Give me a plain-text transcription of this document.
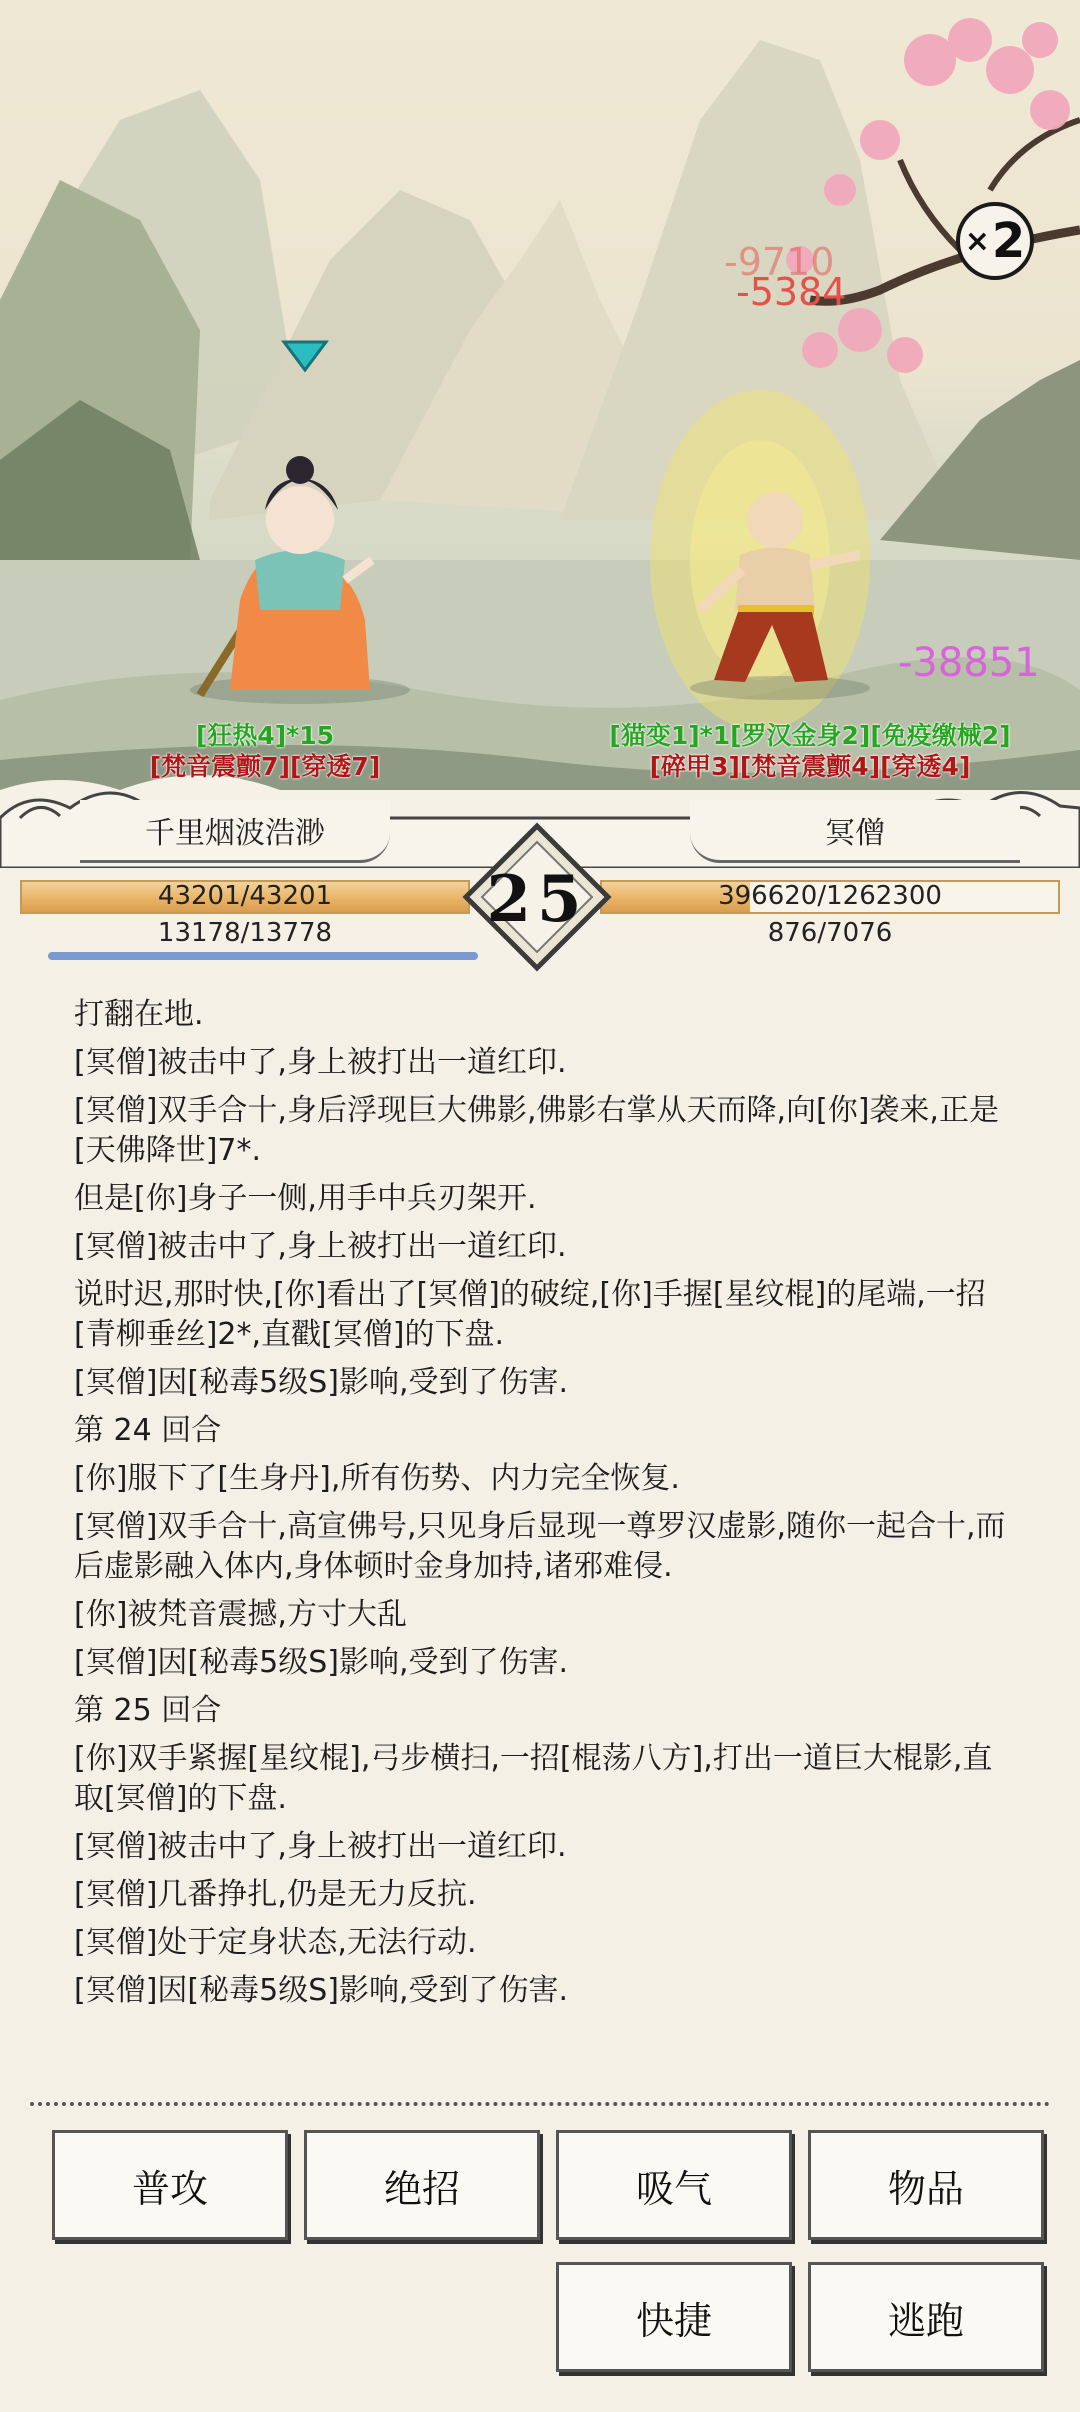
-9710
-5384
-38851
× 2
[狂热4]*15
[梵音震颤7][穿透7]
[猫变1]*1[罗汉金身2][免疫缴械2]
[碎甲3][梵音震颤4][穿透4]
千里烟波浩渺	冥僧
43201/43201
13178/13778
396620/1262300
876/7076
25

打翻在地.

[冥僧]被击中了,身上被打出一道红印.

[冥僧]双手合十,身后浮现巨大佛影,佛影右掌从天而降,向[你]袭来,正是[天佛降世]7*.

但是[你]身子一侧,用手中兵刃架开.

[冥僧]被击中了,身上被打出一道红印.

说时迟,那时快,[你]看出了[冥僧]的破绽,[你]手握[星纹棍]的尾端,一招[青柳垂丝]2*,直戳[冥僧]的下盘.

[冥僧]因[秘毒5级S]影响,受到了伤害.

第 24 回合

[你]服下了[生身丹],所有伤势、内力完全恢复.

[冥僧]双手合十,高宣佛号,只见身后显现一尊罗汉虚影,随你一起合十,而后虚影融入体内,身体顿时金身加持,诸邪难侵.

[你]被梵音震撼,方寸大乱

[冥僧]因[秘毒5级S]影响,受到了伤害.

第 25 回合

[你]双手紧握[星纹棍],弓步横扫,一招[棍荡八方],打出一道巨大棍影,直取[冥僧]的下盘.

[冥僧]被击中了,身上被打出一道红印.

[冥僧]几番挣扎,仍是无力反抗.

[冥僧]处于定身状态,无法行动.

[冥僧]因[秘毒5级S]影响,受到了伤害.

普攻	绝招	吸气	物品
快捷	逃跑
